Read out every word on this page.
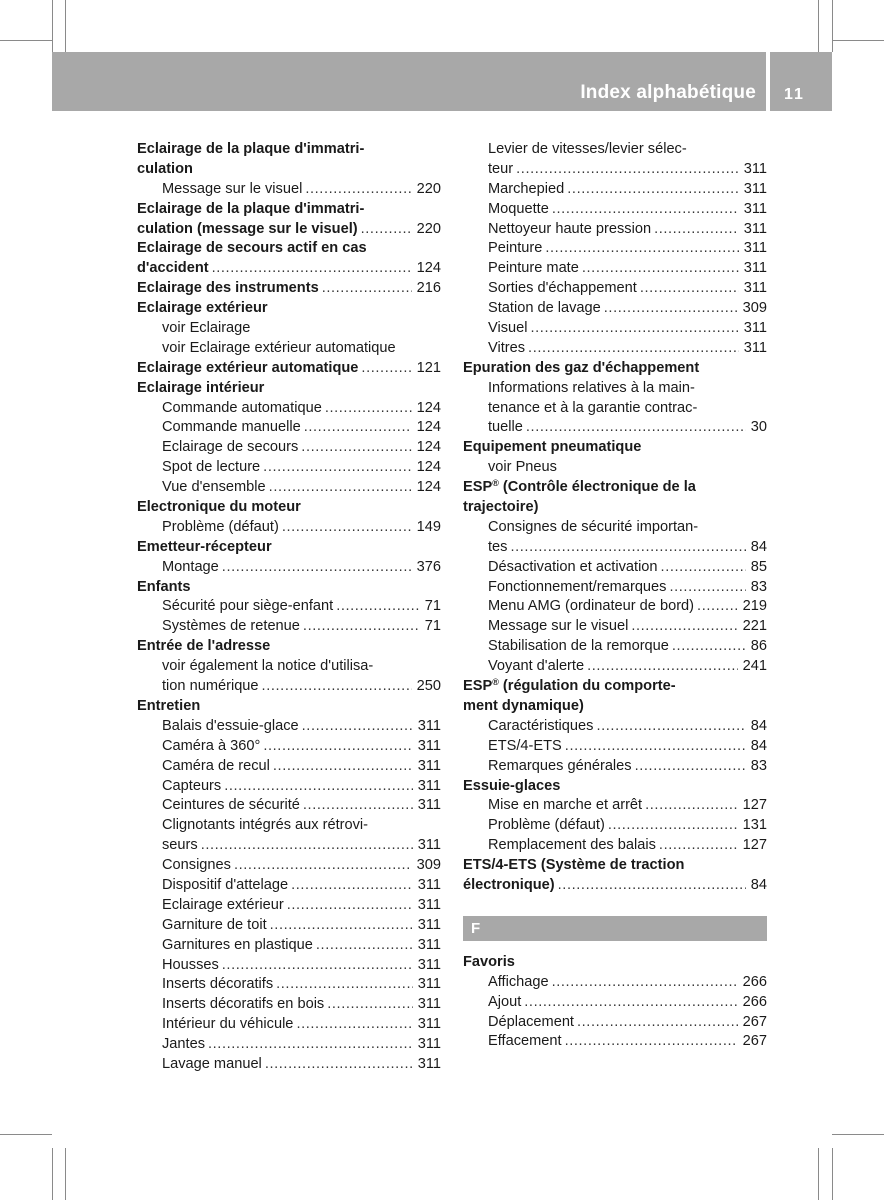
Index alphabétique 11
Eclairage de la plaque d'immatri-
culation
Message sur le visuel .....	220
Eclairage de la plaque d'immatri-
culation (message sur le visuel) .....	220
Eclairage de secours actif en cas
d'accident .....	124
Eclairage des instruments .....	216
Eclairage extérieur
voir Eclairage
voir Eclairage extérieur automatique
Eclairage extérieur automatique .....	121
Eclairage intérieur
Commande automatique .....	124
Commande manuelle .....	124
Eclairage de secours .....	124
Spot de lecture .....	124
Vue d'ensemble .....	124
Electronique du moteur
Problème (défaut) .....	149
Emetteur-récepteur
Montage .....	376
Enfants
Sécurité pour siège-enfant .....	71
Systèmes de retenue .....	71
Entrée de l'adresse
voir également la notice d'utilisa-
tion numérique .....	250
Entretien
Balais d'essuie-glace .....	311
Caméra à 360° .....	311
Caméra de recul .....	311
Capteurs .....	311
Ceintures de sécurité .....	311
Clignotants intégrés aux rétrovi-
seurs .....	311
Consignes .....	309
Dispositif d'attelage .....	311
Eclairage extérieur .....	311
Garniture de toit .....	311
Garnitures en plastique .....	311
Housses .....	311
Inserts décoratifs .....	311
Inserts décoratifs en bois .....	311
Intérieur du véhicule .....	311
Jantes .....	311
Lavage manuel .....	311
Levier de vitesses/levier sélec-
teur .....	311
Marchepied .....	311
Moquette .....	311
Nettoyeur haute pression .....	311
Peinture .....	311
Peinture mate .....	311
Sorties d'échappement .....	311
Station de lavage .....	309
Visuel .....	311
Vitres .....	311
Epuration des gaz d'échappement
Informations relatives à la main-
tenance et à la garantie contrac-
tuelle .....	30
Equipement pneumatique
voir Pneus
ESP® (Contrôle électronique de la
trajectoire)
Consignes de sécurité importan-
tes .....	84
Désactivation et activation .....	85
Fonctionnement/remarques .....	83
Menu AMG (ordinateur de bord) .....	219
Message sur le visuel .....	221
Stabilisation de la remorque .....	86
Voyant d'alerte .....	241
ESP® (régulation du comporte-
ment dynamique)
Caractéristiques .....	84
ETS/4-ETS .....	84
Remarques générales .....	83
Essuie-glaces
Mise en marche et arrêt .....	127
Problème (défaut) .....	131
Remplacement des balais .....	127
ETS/4-ETS (Système de traction
électronique) .....	84
F
Favoris
Affichage .....	266
Ajout .....	266
Déplacement .....	267
Effacement .....	267
